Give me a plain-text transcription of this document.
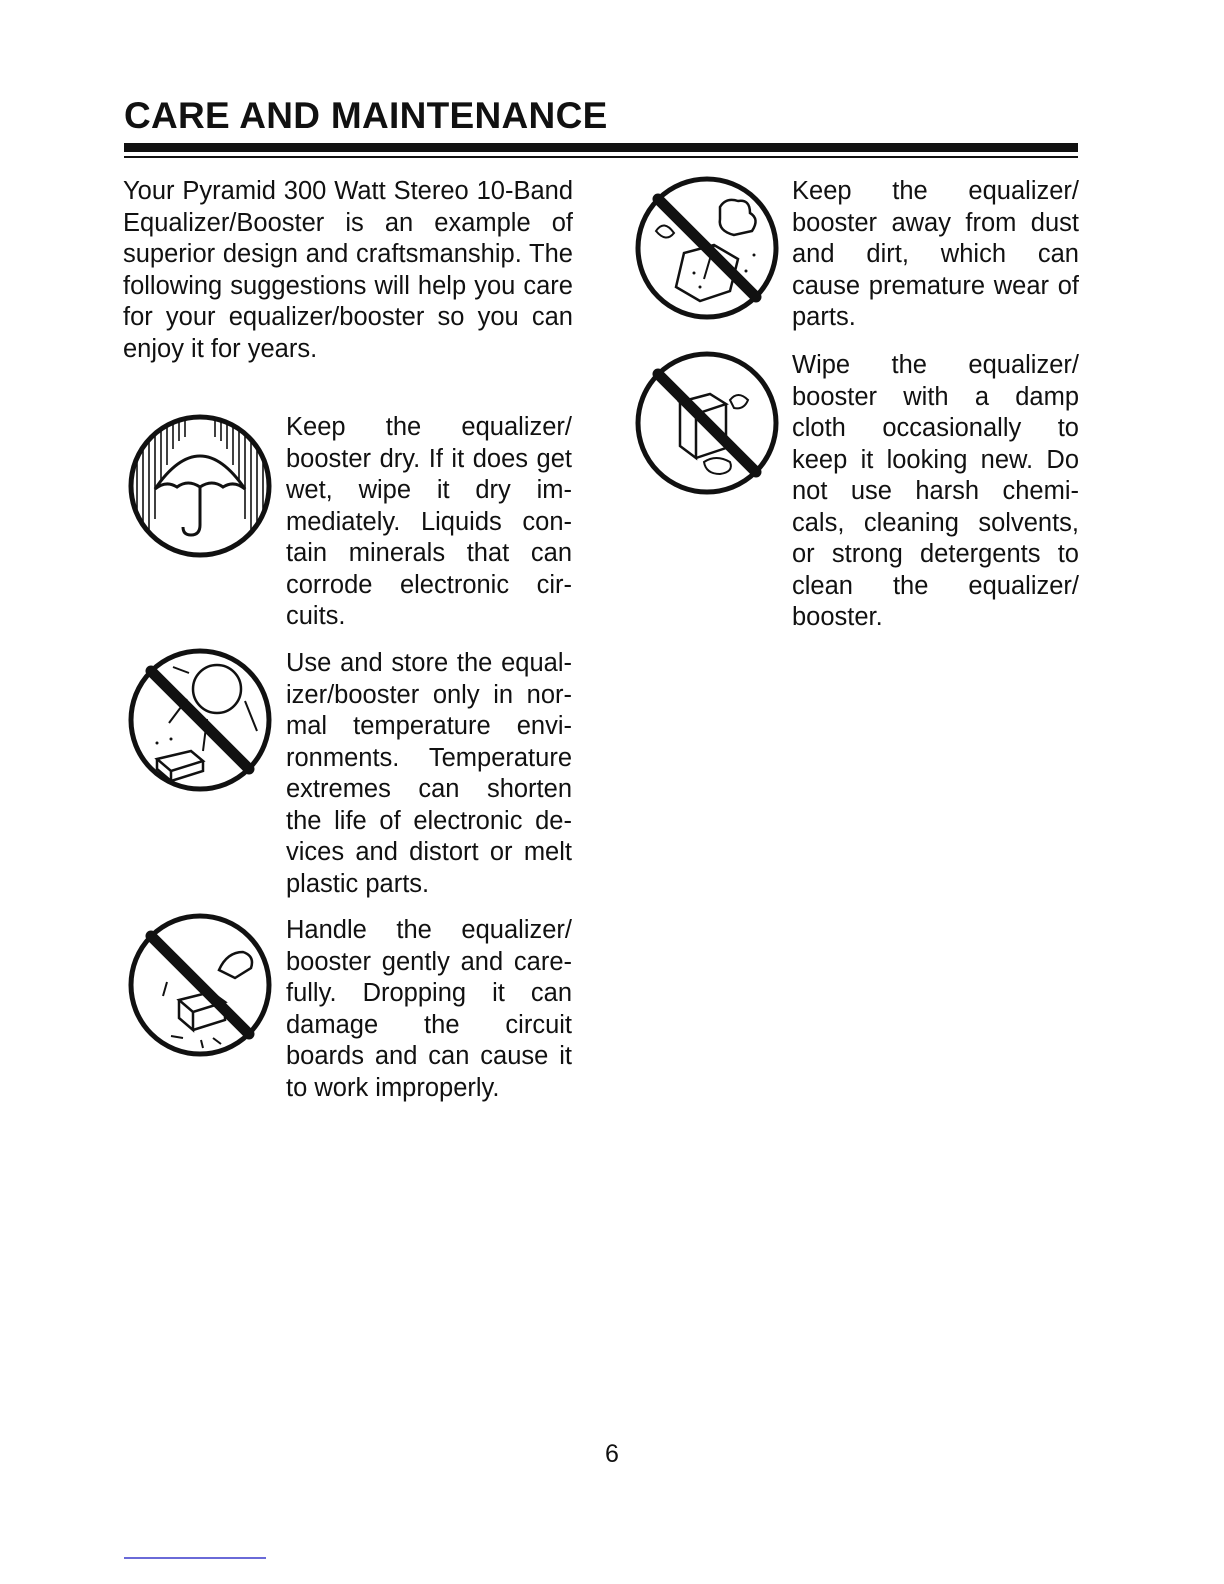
CARE AND MAINTENANCE

Your Pyramid 300 Watt Stereo 10-Band Equalizer/Booster is an example of superior design and craftsmanship. The following suggestions will help you care for your equalizer/booster so you can enjoy it for years.

Keep the equalizer/ booster dry. If it does get wet, wipe it dry im-mediately. Liquids con-tain minerals that can corrode electronic cir-cuits.

Use and store the equal-izer/booster only in nor-mal temperature envi-ronments. Temperature extremes can shorten the life of electronic de-vices and distort or melt plastic parts.

Handle the equalizer/ booster gently and care-fully. Dropping it can damage the circuit boards and can cause it to work improperly.

Keep the equalizer/ booster away from dust and dirt, which can cause premature wear of parts.

Wipe the equalizer/ booster with a damp cloth occasionally to keep it looking new. Do not use harsh chemi-cals, cleaning solvents, or strong detergents to clean the equalizer/ booster.

6
